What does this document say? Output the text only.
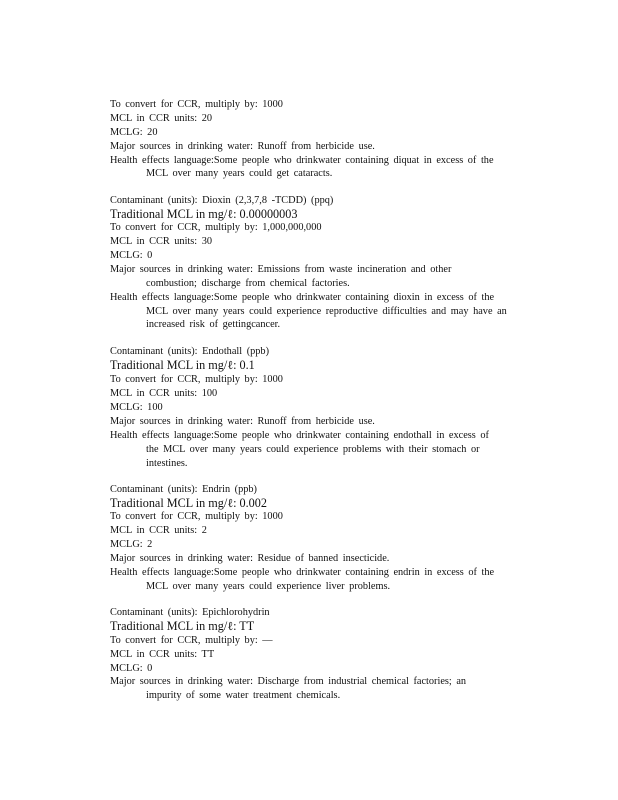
To convert for CCR, multiply by: 1000
MCL in CCR units: 20
MCLG: 20
Major sources in drinking water: Runoff from herbicide use.
Health effects language:Some people who drinkwater containing diquat in excess of the
MCL over many years could get cataracts.
Contaminant (units): Dioxin (2,3,7,8 -TCDD) (ppq)
Traditional MCL in mg/ℓ: 0.00000003
To convert for CCR, multiply by: 1,000,000,000
MCL in CCR units: 30
MCLG: 0
Major sources in drinking water: Emissions from waste incineration and other
combustion; discharge from chemical factories.
Health effects language:Some people who drinkwater containing dioxin in excess of the
MCL over many years could experience reproductive difficulties and may have an
increased risk of gettingcancer.
Contaminant (units): Endothall (ppb)
Traditional MCL in mg/ℓ: 0.1
To convert for CCR, multiply by: 1000
MCL in CCR units: 100
MCLG: 100
Major sources in drinking water: Runoff from herbicide use.
Health effects language:Some people who drinkwater containing endothall in excess of
the MCL over many years could experience problems with their stomach or
intestines.
Contaminant (units): Endrin (ppb)
Traditional MCL in mg/ℓ: 0.002
To convert for CCR, multiply by: 1000
MCL in CCR units: 2
MCLG: 2
Major sources in drinking water: Residue of banned insecticide.
Health effects language:Some people who drinkwater containing endrin in excess of the
MCL over many years could experience liver problems.
Contaminant (units): Epichlorohydrin
Traditional MCL in mg/ℓ: TT
To convert for CCR, multiply by: —
MCL in CCR units: TT
MCLG: 0
Major sources in drinking water: Discharge from industrial chemical factories; an
impurity of some water treatment chemicals.
